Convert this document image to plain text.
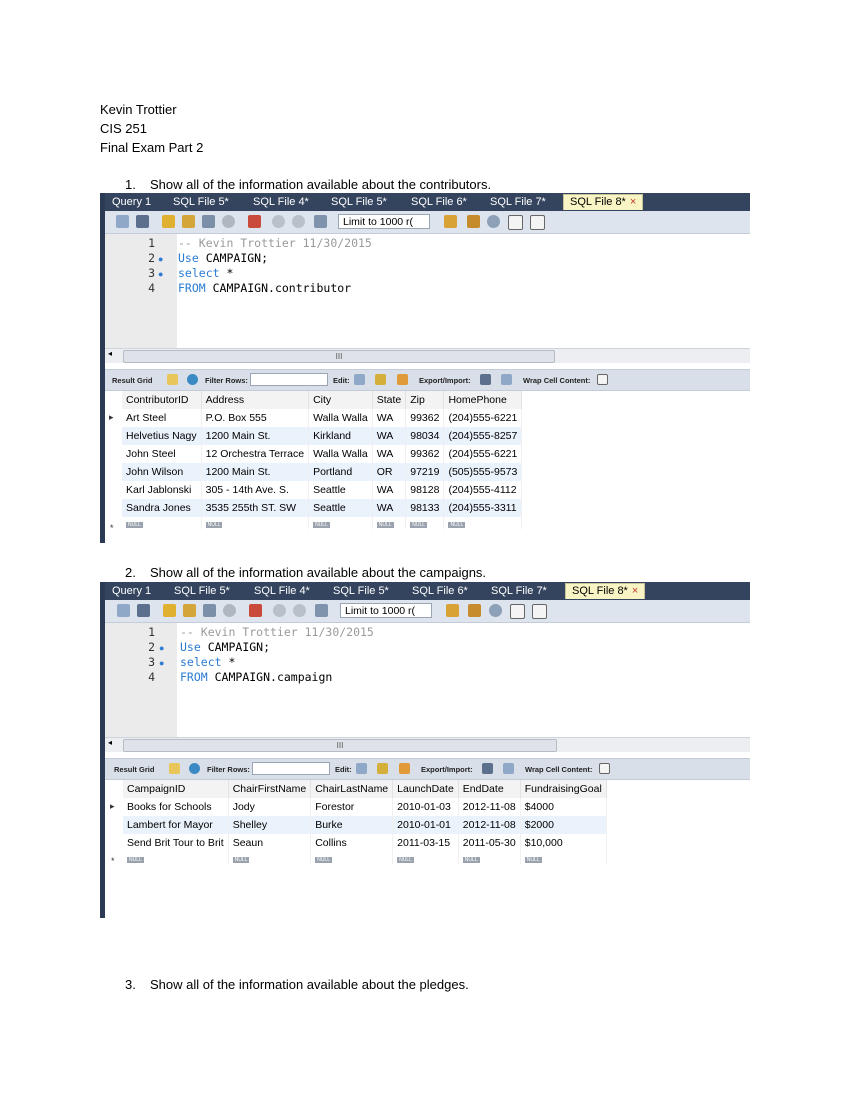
Kevin Trottier
CIS 251
Final Exam Part 2
1. Show all of the information available about the contributors.
2. Show all of the information available about the campaigns.
3. Show all of the information available about the pledges.
Query 1	SQL File 5*	SQL File 4*	SQL File 5*	SQL File 6*	SQL File 7*	SQL File 8* ×
Limit to 1000 r(
1
2
3
4
●
●
-- Kevin Trottier 11/30/2015
Use CAMPAIGN;
select *
FROM CAMPAIGN.contributor
◂	III
Result Grid	Filter Rows:	Edit:	Export/Import:	Wrap Cell Content:
▸
*
ContributorID	Address	City	State	Zip	HomePhone
Art Steel	P.O. Box 555	Walla Walla	WA	99362	(204)555-6221
Helvetius Nagy	1200 Main St.	Kirkland	WA	98034	(204)555-8257
John Steel	12 Orchestra Terrace	Walla Walla	WA	99362	(204)555-6221
John Wilson	1200 Main St.	Portland	OR	97219	(505)555-9573
Karl Jablonski	305 - 14th Ave. S.	Seattle	WA	98128	(204)555-4112
Sandra Jones	3535 255th ST. SW	Seattle	WA	98133	(204)555-3311
NULL	NULL	NULL	NULL	NULL	NULL
Query 1	SQL File 5*	SQL File 4*	SQL File 5*	SQL File 6*	SQL File 7*	SQL File 8* ×
Limit to 1000 r(
1
2
3
4
●
●
-- Kevin Trottier 11/30/2015
Use CAMPAIGN;
select *
FROM CAMPAIGN.campaign
◂	III
Result Grid	Filter Rows:	Edit:	Export/Import:	Wrap Cell Content:
▸
*
CampaignID	ChairFirstName	ChairLastName	LaunchDate	EndDate	FundraisingGoal
Books for Schools	Jody	Forestor	2010-01-03	2012-11-08	$4000
Lambert for Mayor	Shelley	Burke	2010-01-01	2012-11-08	$2000
Send Brit Tour to Brit	Seaun	Collins	2011-03-15	2011-05-30	$10,000
NULL	NULL	NULL	NULL	NULL	NULL
